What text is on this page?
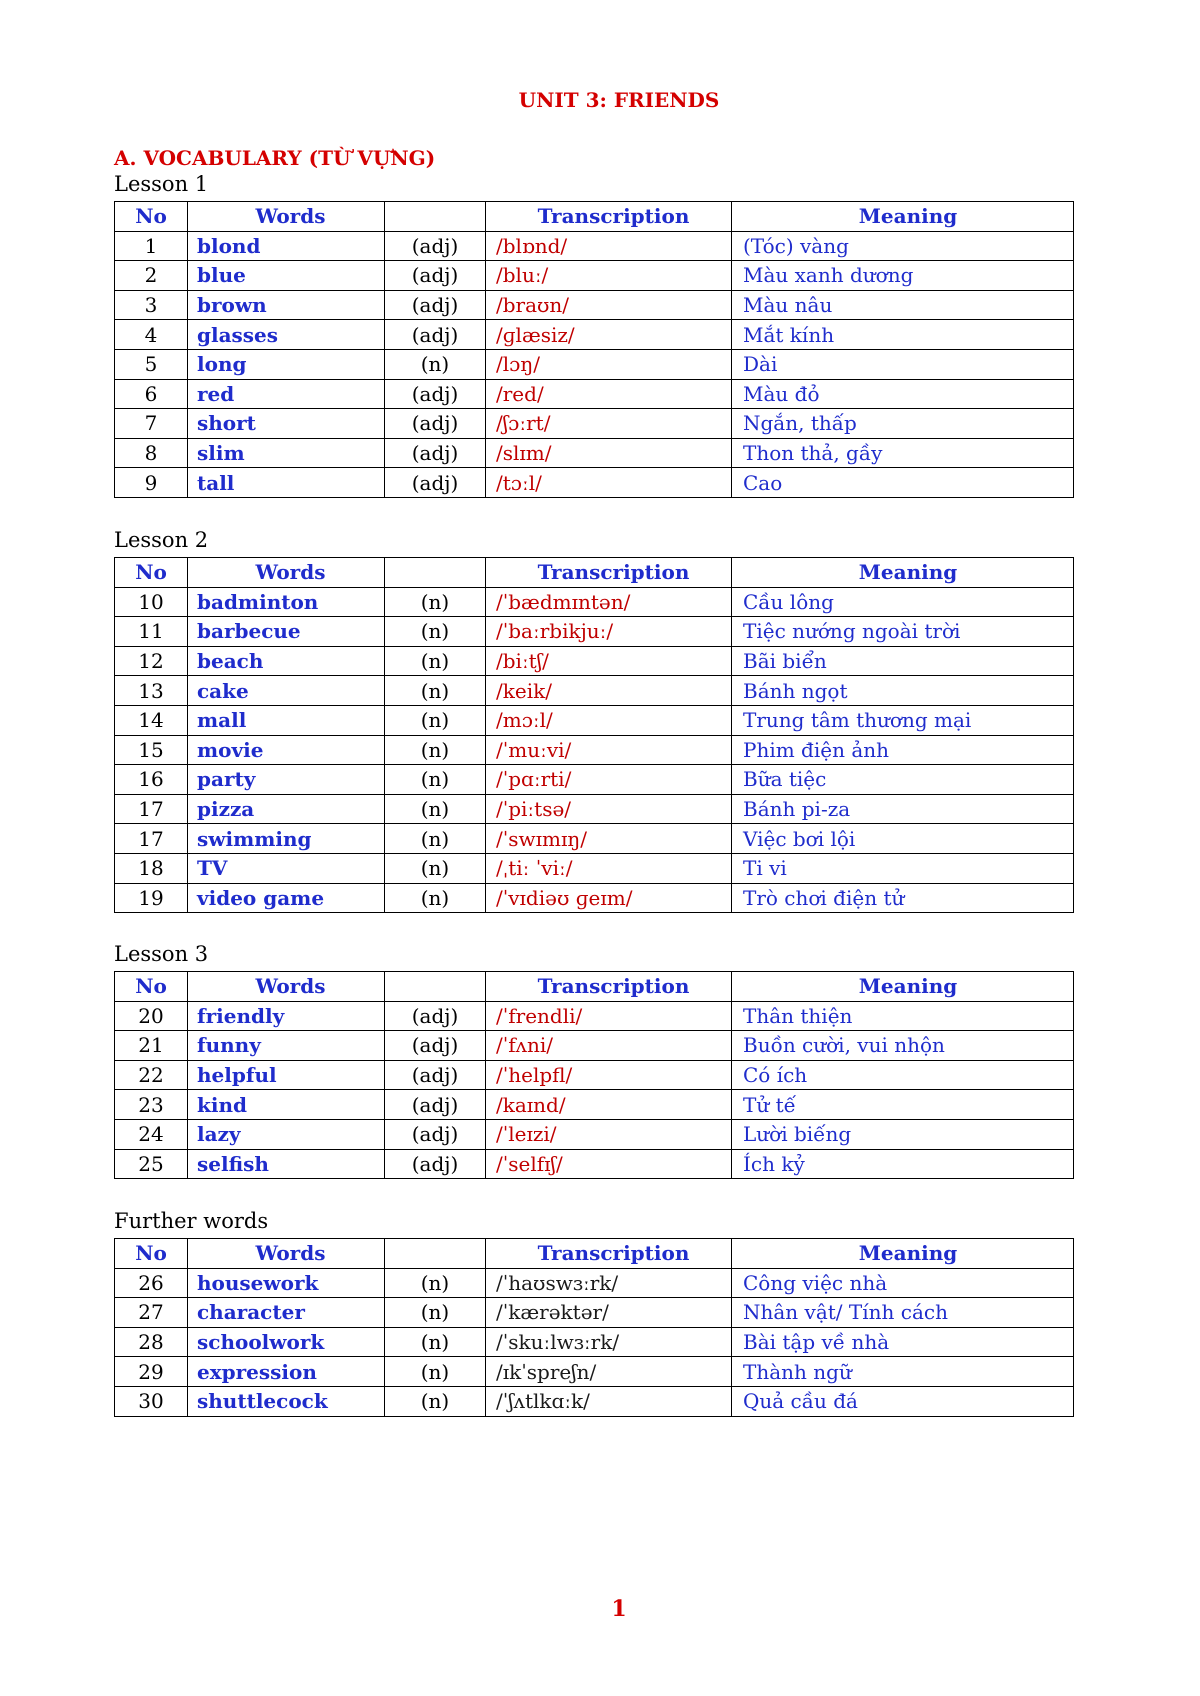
UNIT 3: FRIENDS
A. VOCABULARY (TỪ VỰNG)
Lesson 1
No	Words		Transcription	Meaning
1	blond	(adj)	/blɒnd/	(Tóc) vàng
2	blue	(adj)	/bluː/	Màu xanh dương
3	brown	(adj)	/braʊn/	Màu nâu
4	glasses	(adj)	/ɡlæsiz/	Mắt kính
5	long	(n)	/lɔŋ/	Dài
6	red	(adj)	/red/	Màu đỏ
7	short	(adj)	/ʃɔːrt/	Ngắn, thấp
8	slim	(adj)	/slɪm/	Thon thả, gầy
9	tall	(adj)	/tɔːl/	Cao
Lesson 2
No	Words		Transcription	Meaning
10	badminton	(n)	/ˈbædmɪntən/	Cầu lông
11	barbecue	(n)	/ˈbaːrbikjuː/	Tiệc nướng ngoài trời
12	beach	(n)	/biːtʃ/	Bãi biển
13	cake	(n)	/keik/	Bánh ngọt
14	mall	(n)	/mɔːl/	Trung tâm thương mại
15	movie	(n)	/ˈmuːvi/	Phim điện ảnh
16	party	(n)	/ˈpɑːrti/	Bữa tiệc
17	pizza	(n)	/ˈpiːtsə/	Bánh pi-za
17	swimming	(n)	/ˈswɪmɪŋ/	Việc bơi lội
18	TV	(n)	/ˌtiː ˈviː/	Ti vi
19	video game	(n)	/ˈvɪdiəʊ ɡeɪm/	Trò chơi điện tử
Lesson 3
No	Words		Transcription	Meaning
20	friendly	(adj)	/ˈfrendli/	Thân thiện
21	funny	(adj)	/ˈfʌni/	Buồn cười, vui nhộn
22	helpful	(adj)	/ˈhelpfl/	Có ích
23	kind	(adj)	/kaɪnd/	Tử tế
24	lazy	(adj)	/ˈleɪzi/	Lười biếng
25	selfish	(adj)	/ˈselfɪʃ/	Ích kỷ
Further words
No	Words		Transcription	Meaning
26	housework	(n)	/ˈhaʊswɜːrk/	Công việc nhà
27	character	(n)	/ˈkærəktər/	Nhân vật/ Tính cách
28	schoolwork	(n)	/ˈskuːlwɜːrk/	Bài tập về nhà
29	expression	(n)	/ɪkˈspreʃn/	Thành ngữ
30	shuttlecock	(n)	/ˈʃʌtlkɑːk/	Quả cầu đá
1
